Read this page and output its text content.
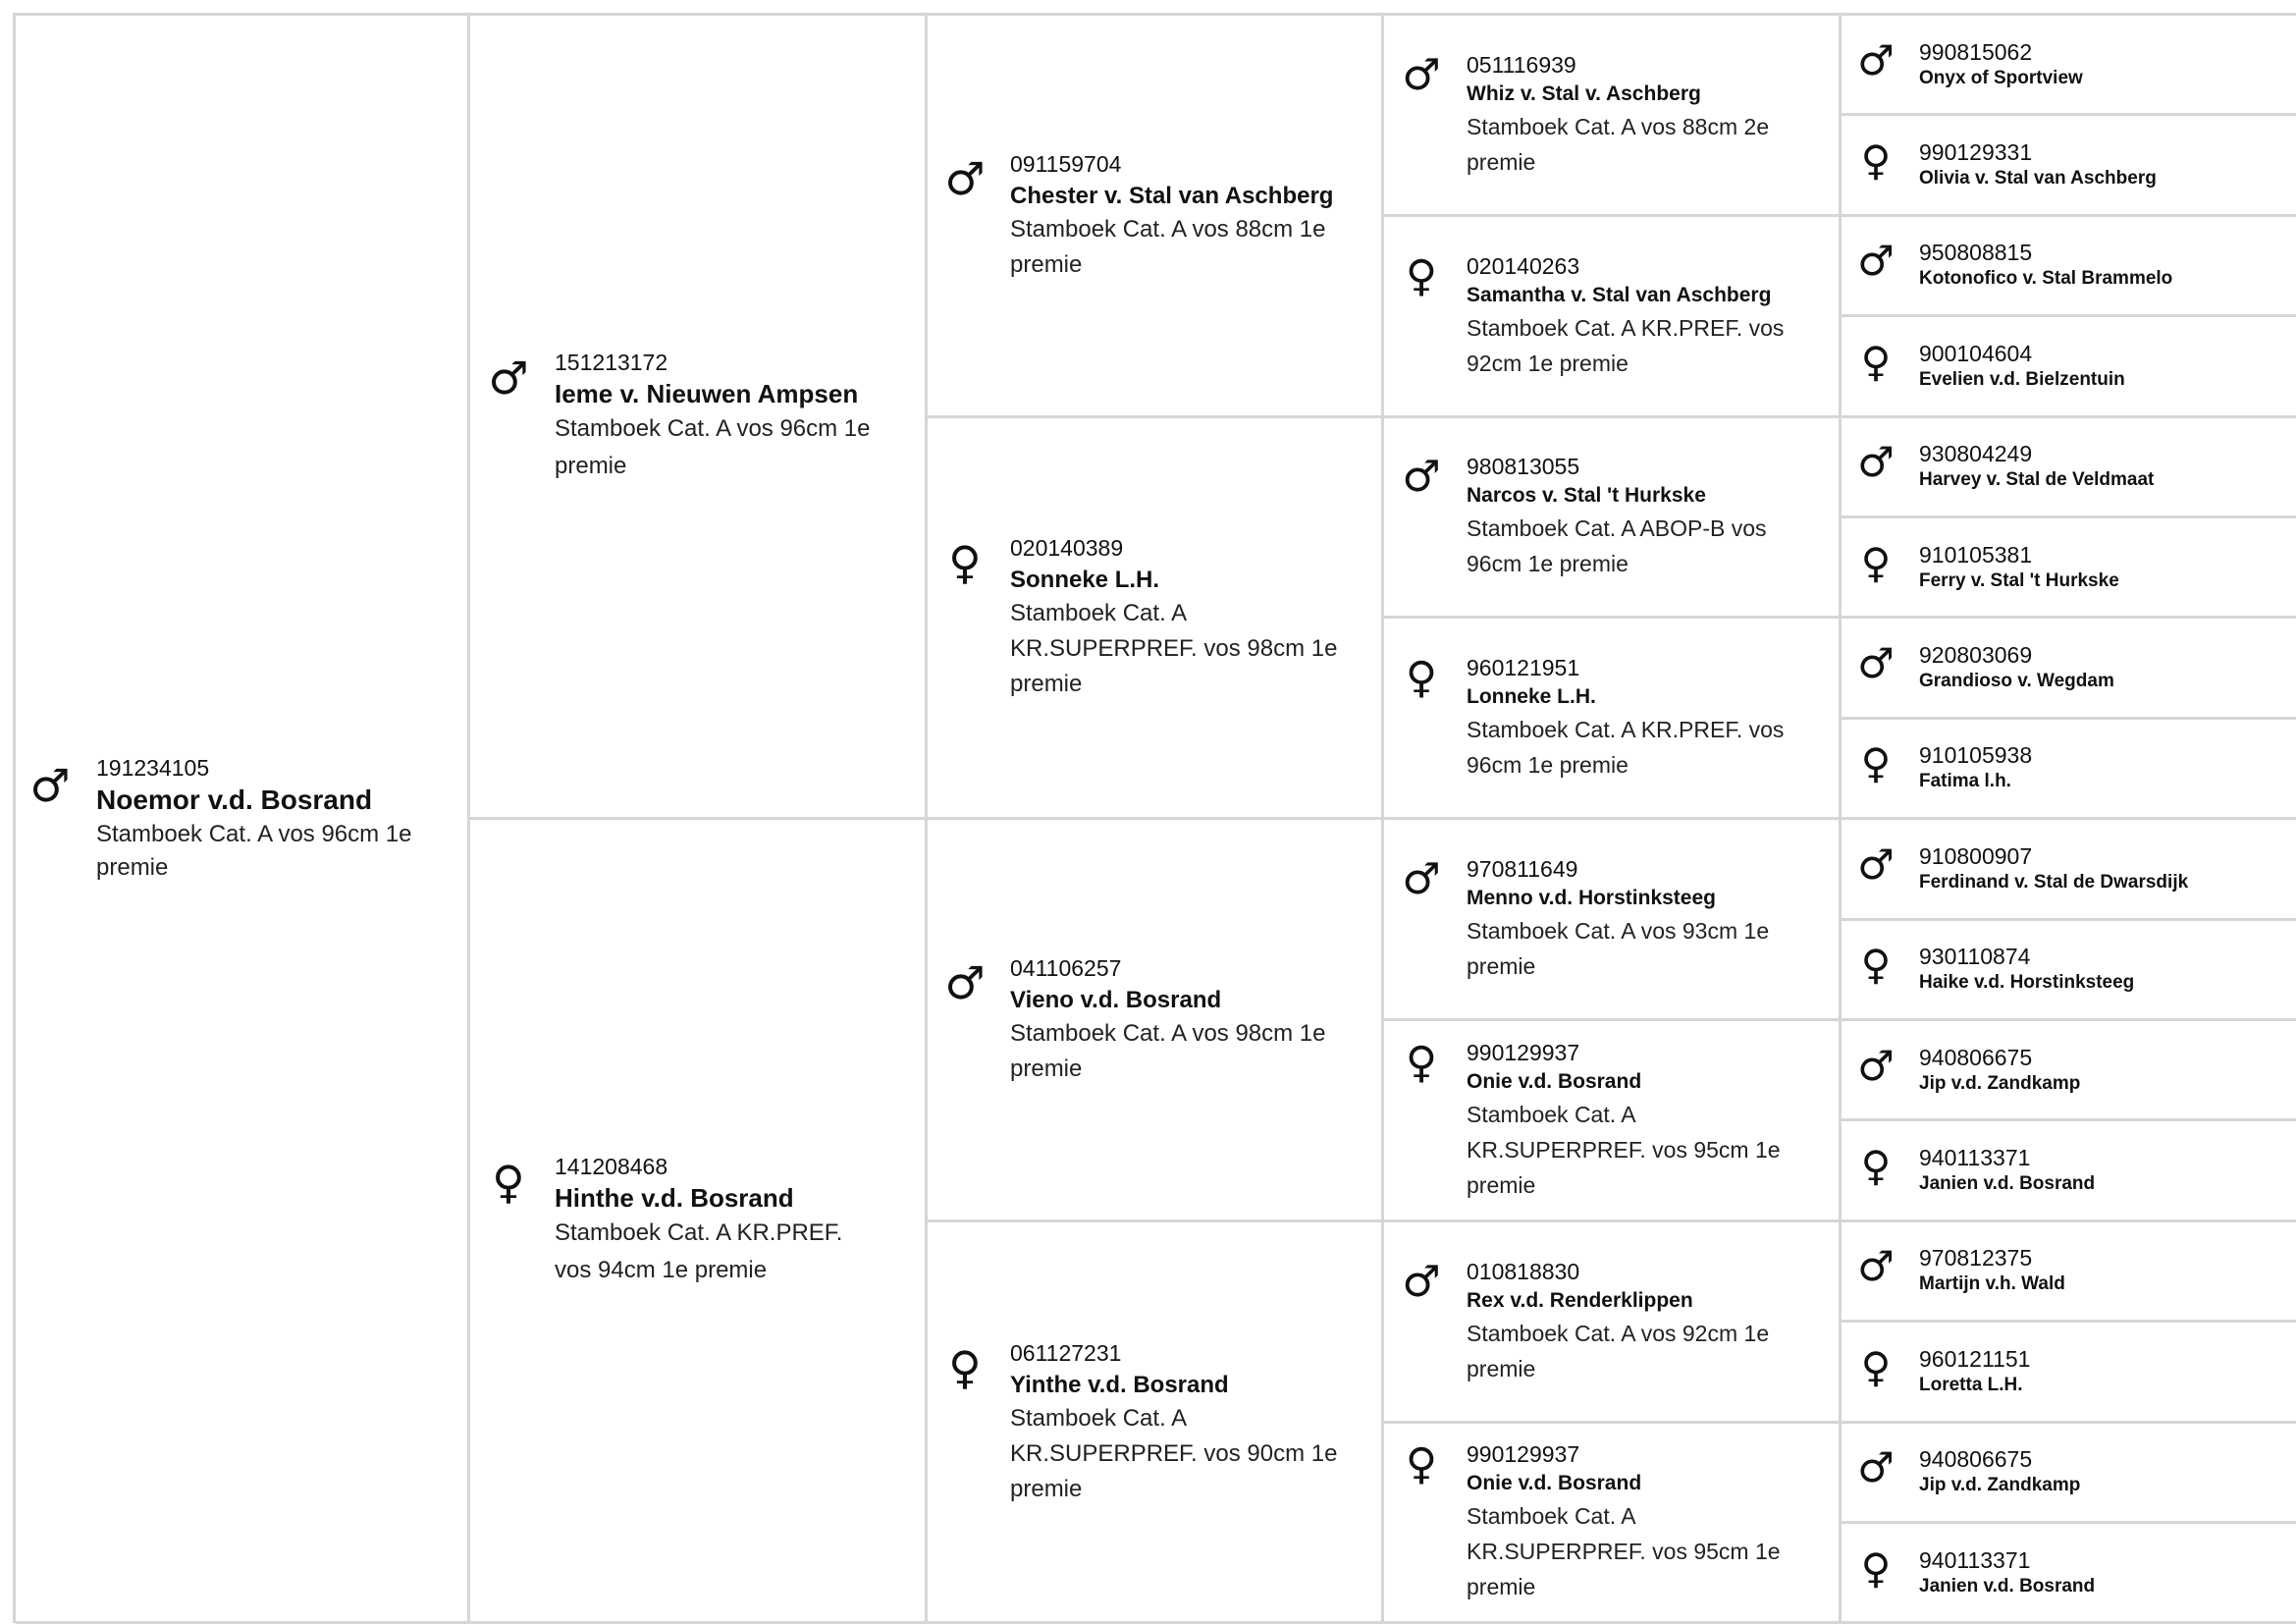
♂ 191234105
Noemor v.d. Bosrand
Stamboek Cat. A vos 96cm 1e premie
♂ 151213172
Ieme v. Nieuwen Ampsen
Stamboek Cat. A vos 96cm 1e premie
♀ 141208468
Hinthe v.d. Bosrand
Stamboek Cat. A KR.PREF. vos 94cm 1e premie
♂ 091159704
Chester v. Stal van Aschberg
Stamboek Cat. A vos 88cm 1e premie
♀ 020140389
Sonneke L.H.
Stamboek Cat. A KR.SUPERPREF. vos 98cm 1e premie
♂ 041106257
Vieno v.d. Bosrand
Stamboek Cat. A vos 98cm 1e premie
♀ 061127231
Yinthe v.d. Bosrand
Stamboek Cat. A KR.SUPERPREF. vos 90cm 1e premie
♂ 051116939
Whiz v. Stal v. Aschberg
Stamboek Cat. A vos 88cm 2e premie
♀ 020140263
Samantha v. Stal van Aschberg
Stamboek Cat. A KR.PREF. vos 92cm 1e premie
♂ 980813055
Narcos v. Stal 't Hurkske
Stamboek Cat. A ABOP-B vos 96cm 1e premie
♀ 960121951
Lonneke L.H.
Stamboek Cat. A KR.PREF. vos 96cm 1e premie
♂ 970811649
Menno v.d. Horstinksteeg
Stamboek Cat. A vos 93cm 1e premie
♀ 990129937
Onie v.d. Bosrand
Stamboek Cat. A KR.SUPERPREF. vos 95cm 1e premie
♂ 010818830
Rex v.d. Renderklippen
Stamboek Cat. A vos 92cm 1e premie
♀ 990129937
Onie v.d. Bosrand
Stamboek Cat. A KR.SUPERPREF. vos 95cm 1e premie
♂ 990815062
Onyx of Sportview
♀ 990129331
Olivia v. Stal van Aschberg
♂ 950808815
Kotonofico v. Stal Brammelo
♀ 900104604
Evelien v.d. Bielzentuin
♂ 930804249
Harvey v. Stal de Veldmaat
♀ 910105381
Ferry v. Stal 't Hurkske
♂ 920803069
Grandioso v. Wegdam
♀ 910105938
Fatima l.h.
♂ 910800907
Ferdinand v. Stal de Dwarsdijk
♀ 930110874
Haike v.d. Horstinksteeg
♂ 940806675
Jip v.d. Zandkamp
♀ 940113371
Janien v.d. Bosrand
♂ 970812375
Martijn v.h. Wald
♀ 960121151
Loretta L.H.
♂ 940806675
Jip v.d. Zandkamp
♀ 940113371
Janien v.d. Bosrand
